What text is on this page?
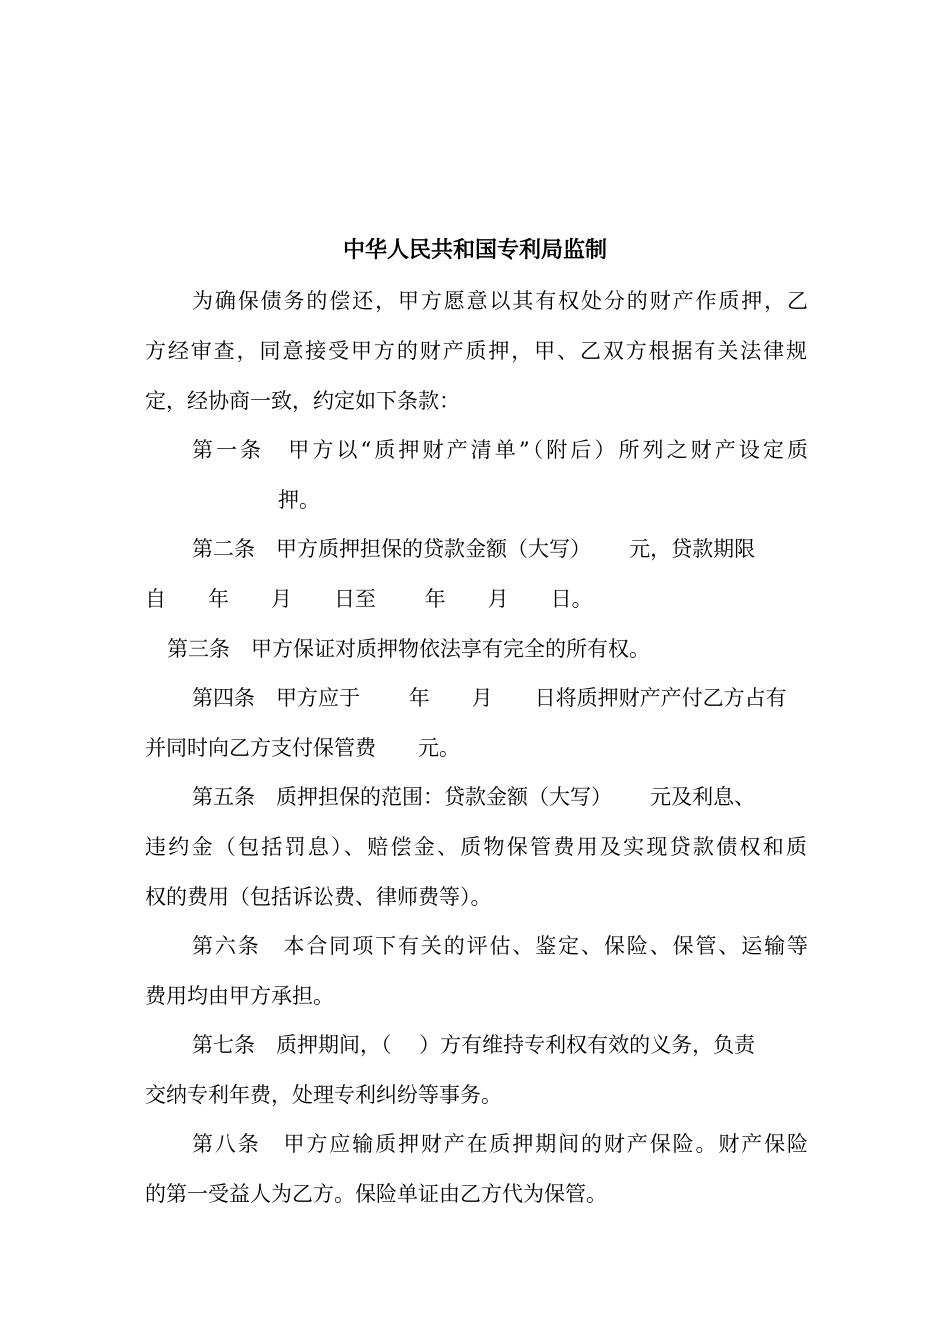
中华人民共和国专利局监制
为确保债务的偿还，甲方愿意以其有权处分的财产作质押，乙
方经审查，同意接受甲方的财产质押，甲、乙双方根据有关法律规
定，经协商一致，约定如下条款：
第一条　甲方以“质押财产清单”（附后）所列之财产设定质
押。
第二条　甲方质押担保的贷款金额（大写）　　 元，贷款期限
自　　年　　月　　日至　　 年　　月　　日。
第三条　甲方保证对质押物依法享有完全的所有权。
第四条　甲方应于　　 年　　月　　日将质押财产产付乙方占有
并同时向乙方支付保管费　　元。
第五条　质押担保的范围：贷款金额（大写）　　 元及利息、
违约金（包括罚息）、赔偿金、质物保管费用及实现贷款债权和质
权的费用（包括诉讼费、律师费等）。
第六条　本合同项下有关的评估、鉴定、保险、保管、运输等
费用均由甲方承担。
第七条　质押期间，（　 ）方有维持专利权有效的义务，负责
交纳专利年费，处理专利纠纷等事务。
第八条　甲方应输质押财产在质押期间的财产保险。财产保险
的第一受益人为乙方。保险单证由乙方代为保管。
